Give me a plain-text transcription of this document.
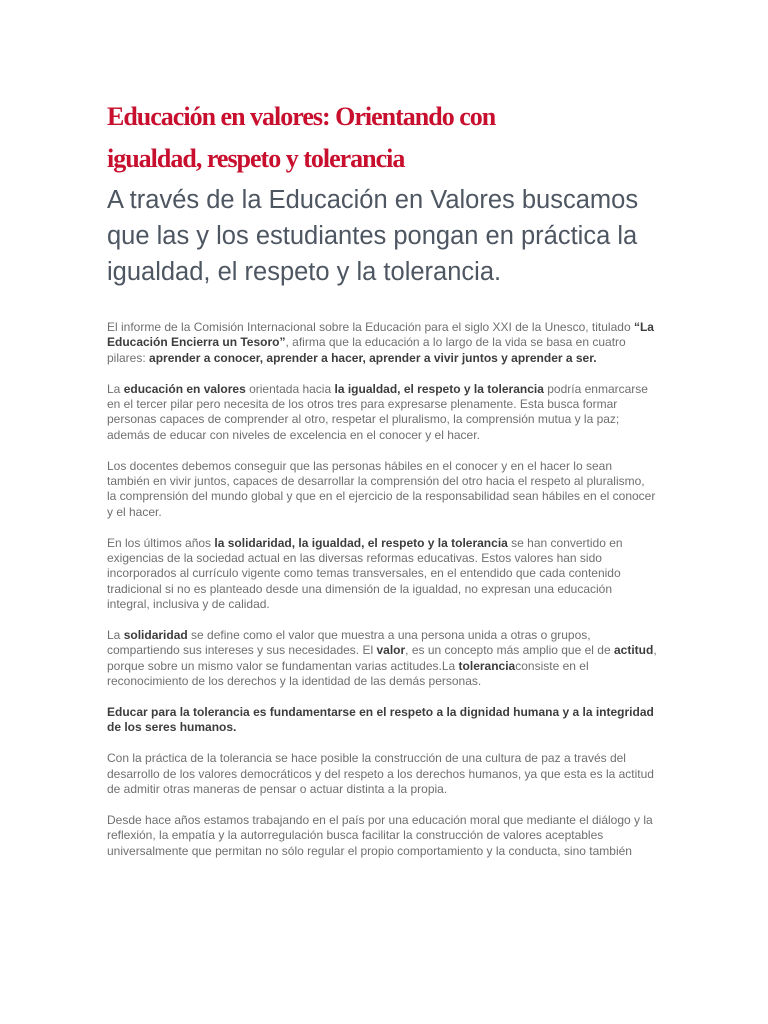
Educación en valores: Orientando con
igualdad, respeto y tolerancia
A través de la Educación en Valores buscamos que las y los estudiantes pongan en práctica la igualdad, el respeto y la tolerancia.

El informe de la Comisión Internacional sobre la Educación para el siglo XXI de la Unesco, titulado “La Educación Encierra un Tesoro”, afirma que la educación a lo largo de la vida se basa en cuatro pilares: aprender a conocer, aprender a hacer, aprender a vivir juntos y aprender a ser.

La educación en valores orientada hacia la igualdad, el respeto y la tolerancia podría enmarcarse en el tercer pilar pero necesita de los otros tres para expresarse plenamente. Esta busca formar personas capaces de comprender al otro, respetar el pluralismo, la comprensión mutua y la paz; además de educar con niveles de excelencia en el conocer y el hacer.

Los docentes debemos conseguir que las personas hábiles en el conocer y en el hacer lo sean también en vivir juntos, capaces de desarrollar la comprensión del otro hacia el respeto al pluralismo, la comprensión del mundo global y que en el ejercicio de la responsabilidad sean hábiles en el conocer y el hacer.

En los últimos años la solidaridad, la igualdad, el respeto y la tolerancia se han convertido en exigencias de la sociedad actual en las diversas reformas educativas. Estos valores han sido incorporados al currículo vigente como temas transversales, en el entendido que cada contenido tradicional si no es planteado desde una dimensión de la igualdad, no expresan una educación integral, inclusiva y de calidad.

La solidaridad se define como el valor que muestra a una persona unida a otras o grupos, compartiendo sus intereses y sus necesidades. El valor, es un concepto más amplio que el de actitud, porque sobre un mismo valor se fundamentan varias actitudes.La toleranciaconsiste en el reconocimiento de los derechos y la identidad de las demás personas.

Educar para la tolerancia es fundamentarse en el respeto a la dignidad humana y a la integridad de los seres humanos.

Con la práctica de la tolerancia se hace posible la construcción de una cultura de paz a través del desarrollo de los valores democráticos y del respeto a los derechos humanos, ya que esta es la actitud de admitir otras maneras de pensar o actuar distinta a la propia.

Desde hace años estamos trabajando en el país por una educación moral que mediante el diálogo y la reflexión, la empatía y la autorregulación busca facilitar la construcción de valores aceptables universalmente que permitan no sólo regular el propio comportamiento y la conducta, sino también
